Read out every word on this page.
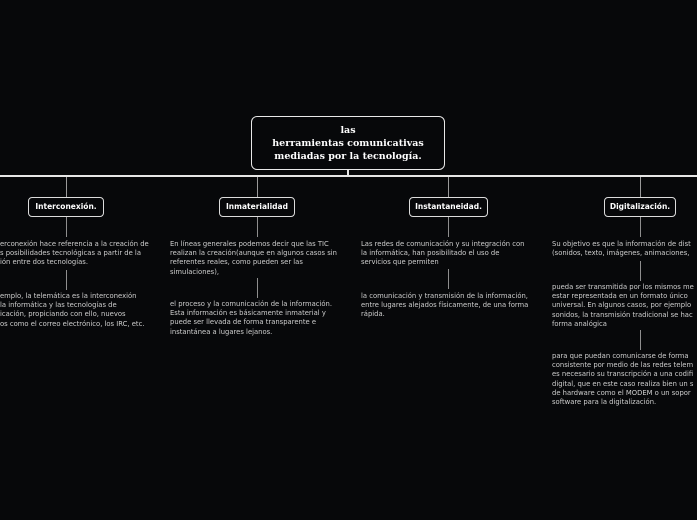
las
herramientas comunicativas
mediadas por la tecnología.
Interconexión.
erconexión hace referencia a la creación de
s posibilidades tecnológicas a partir de la
ión entre dos tecnologías.
emplo, la telemática es la interconexión
la informática y las tecnologías de
icación, propiciando con ello, nuevos
os como el correo electrónico, los IRC, etc.
Inmaterialidad
En líneas generales podemos decir que las TIC
realizan la creación(aunque en algunos casos sin
referentes reales, como pueden ser las
simulaciones),
el proceso y la comunicación de la información.
Esta información es básicamente inmaterial y
puede ser llevada de forma transparente e
instantánea a lugares lejanos.
Instantaneidad.
Las redes de comunicación y su integración con
la informática, han posibilitado el uso de
servicios que permiten
la comunicación y transmisión de la información,
entre lugares alejados físicamente, de una forma
rápida.
Digitalización.
Su objetivo es que la información de dist
(sonidos, texto, imágenes, animaciones,
pueda ser transmitida por los mismos me
estar representada en un formato único
universal. En algunos casos, por ejemplo
sonidos, la transmisión tradicional se hac
forma analógica
para que puedan comunicarse de forma
consistente por medio de las redes telem
es necesario su transcripción a una codifi
digital, que en este caso realiza bien un s
de hardware como el MODEM o un sopor
software para la digitalización.
